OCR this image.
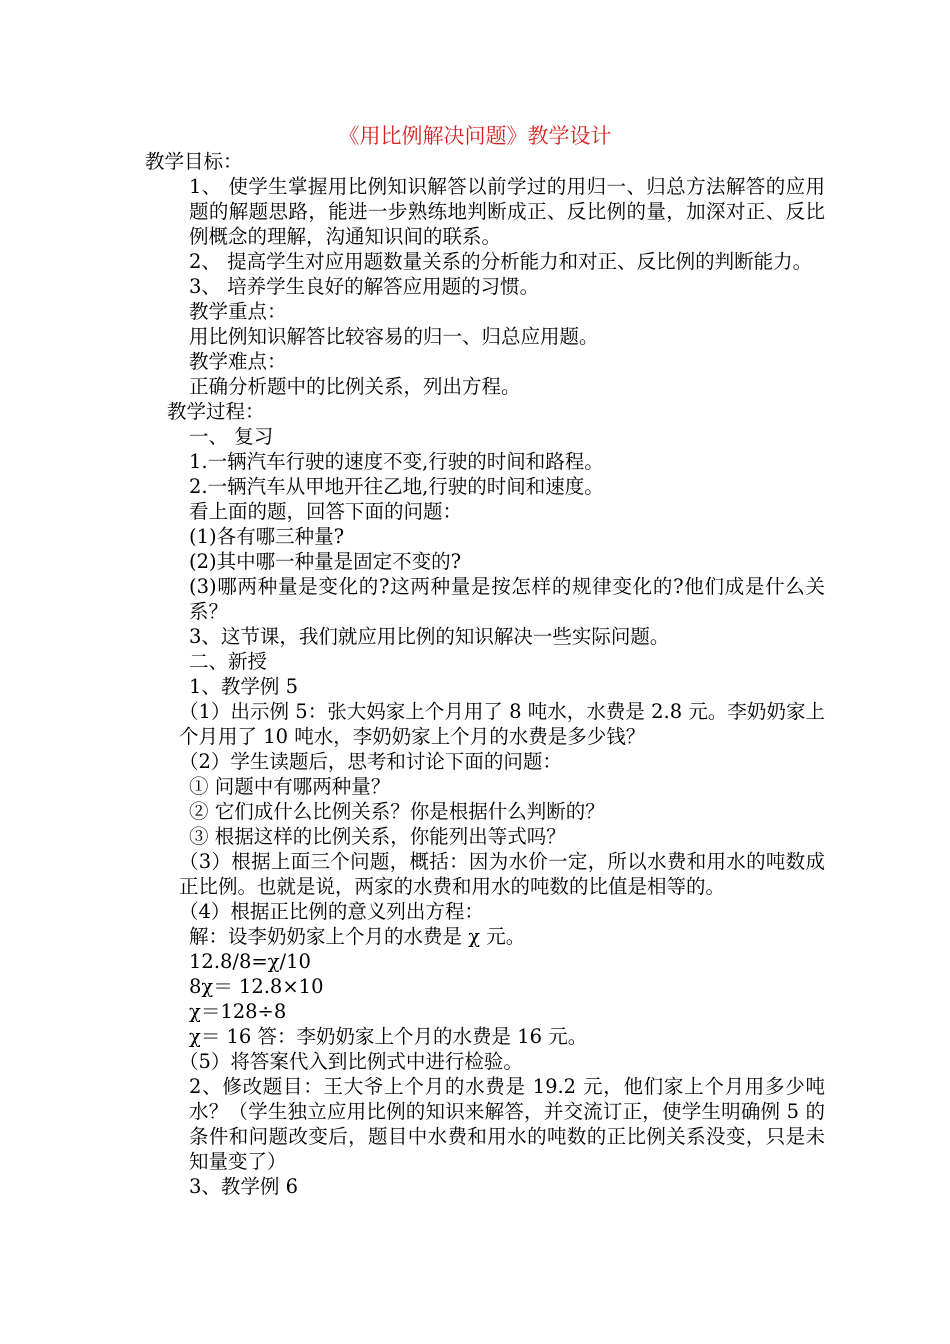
《用比例解决问题》教学设计

教学目标：

1、 使学生掌握用比例知识解答以前学过的用归一、归总方法解答的应用题的解题思路，能进一步熟练地判断成正、反比例的量，加深对正、反比例概念的理解，沟通知识间的联系。

2、 提高学生对应用题数量关系的分析能力和对正、反比例的判断能力。

3、 培养学生良好的解答应用题的习惯。

教学重点：

用比例知识解答比较容易的归一、归总应用题。

教学难点：

正确分析题中的比例关系，列出方程。

教学过程：

一、 复习

1.一辆汽车行驶的速度不变,行驶的时间和路程。

2.一辆汽车从甲地开往乙地,行驶的时间和速度。

看上面的题，回答下面的问题：

(1)各有哪三种量?

(2)其中哪一种量是固定不变的?

(3)哪两种量是变化的?这两种量是按怎样的规律变化的?他们成是什么关系？

3、这节课，我们就应用比例的知识解决一些实际问题。

二、新授

1、教学例 5

（1）出示例 5：张大妈家上个月用了 8 吨水，水费是 2.8 元。李奶奶家上个月用了 10 吨水，李奶奶家上个月的水费是多少钱？

（2）学生读题后，思考和讨论下面的问题：

① 问题中有哪两种量？

② 它们成什么比例关系？你是根据什么判断的？

③ 根据这样的比例关系，你能列出等式吗？

（3）根据上面三个问题，概括：因为水价一定，所以水费和用水的吨数成正比例。也就是说，两家的水费和用水的吨数的比值是相等的。

（4）根据正比例的意义列出方程：

解：设李奶奶家上个月的水费是 χ 元。

12.8/8=χ/10

8χ＝ 12.8×10

χ＝128÷8

χ＝ 16 答：李奶奶家上个月的水费是 16 元。

（5）将答案代入到比例式中进行检验。

2、修改题目：王大爷上个月的水费是 19.2 元，他们家上个月用多少吨水？（学生独立应用比例的知识来解答，并交流订正，使学生明确例 5 的条件和问题改变后，题目中水费和用水的吨数的正比例关系没变，只是未知量变了）

3、教学例 6
